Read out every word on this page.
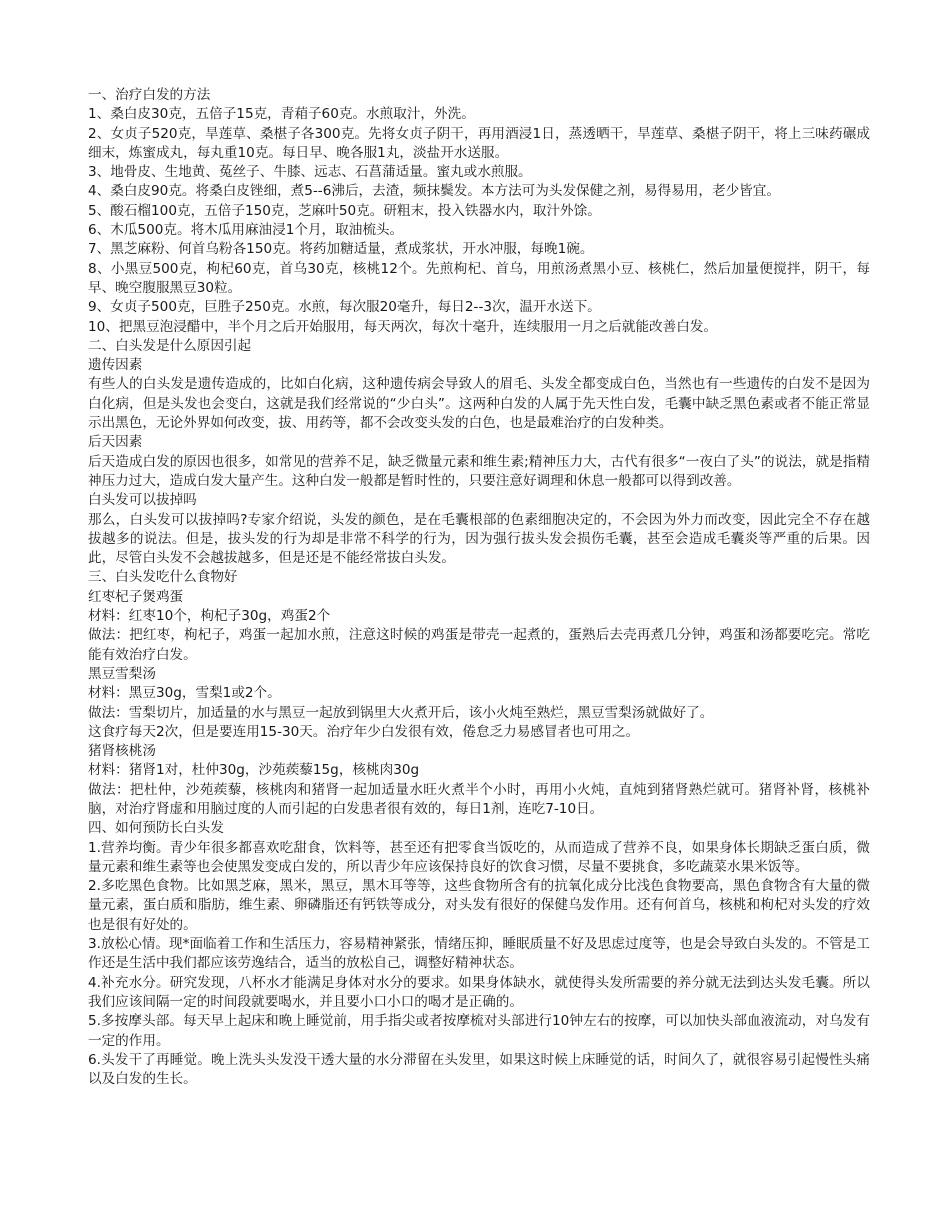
一、治疗白发的方法

1、桑白皮30克，五倍子15克，青葙子60克。水煎取汁，外洗。

2、女贞子520克，旱莲草、桑椹子各300克。先将女贞子阴干，再用酒浸1日，蒸透晒干，旱莲草、桑椹子阴干，将上三味药碾成细末，炼蜜成丸，每丸重10克。每日早、晚各服1丸，淡盐开水送服。

3、地骨皮、生地黄、菟丝子、牛膝、远志、石菖蒲适量。蜜丸或水煎服。

4、桑白皮90克。将桑白皮锉细，煮5--6沸后，去渣，频抹鬓发。本方法可为头发保健之剂，易得易用，老少皆宜。

5、酸石榴100克，五倍子150克，芝麻叶50克。研粗末，投入铁器水内，取汁外馀。

6、木瓜500克。将木瓜用麻油浸1个月，取油梳头。

7、黑芝麻粉、何首乌粉各150克。将药加糖适量，煮成浆状，开水冲服，每晚1碗。

8、小黑豆500克，枸杞60克，首乌30克，核桃12个。先煎枸杞、首乌，用煎汤煮黑小豆、核桃仁，然后加量便搅拌，阴干，每早、晚空腹服黑豆30粒。

9、女贞子500克，巨胜子250克。水煎，每次服20毫升，每日2--3次，温开水送下。

10、把黑豆泡浸醋中，半个月之后开始服用，每天两次，每次十毫升，连续服用一月之后就能改善白发。

二、白头发是什么原因引起

遗传因素

有些人的白头发是遗传造成的，比如白化病，这种遗传病会导致人的眉毛、头发全都变成白色，当然也有一些遗传的白发不是因为白化病，但是头发也会变白，这就是我们经常说的“少白头”。这两种白发的人属于先天性白发，毛囊中缺乏黑色素或者不能正常显示出黑色，无论外界如何改变，拔、用药等，都不会改变头发的白色，也是最难治疗的白发种类。

后天因素

后天造成白发的原因也很多，如常见的营养不足，缺乏微量元素和维生素;精神压力大，古代有很多“一夜白了头”的说法，就是指精神压力过大，造成白发大量产生。这种白发一般都是暂时性的，只要注意好调理和休息一般都可以得到改善。

白头发可以拔掉吗

那么，白头发可以拔掉吗?专家介绍说，头发的颜色，是在毛囊根部的色素细胞决定的，不会因为外力而改变，因此完全不存在越拔越多的说法。但是，拔头发的行为却是非常不科学的行为，因为强行拔头发会损伤毛囊，甚至会造成毛囊炎等严重的后果。因此，尽管白头发不会越拔越多，但是还是不能经常拔白头发。

三、白头发吃什么食物好

红枣杞子煲鸡蛋

材料：红枣10个，枸杞子30g，鸡蛋2个

做法：把红枣，枸杞子，鸡蛋一起加水煎，注意这时候的鸡蛋是带壳一起煮的，蛋熟后去壳再煮几分钟，鸡蛋和汤都要吃完。常吃能有效治疗白发。

黑豆雪梨汤

材料：黑豆30g，雪梨1或2个。

做法：雪梨切片，加适量的水与黑豆一起放到锅里大火煮开后，该小火炖至熟烂，黑豆雪梨汤就做好了。

这食疗每天2次，但是要连用15-30天。治疗年少白发很有效，倦怠乏力易感冒者也可用之。

猪肾核桃汤

材料：猪肾1对，杜仲30g，沙苑蒺藜15g，核桃肉30g

做法：把杜仲，沙苑蒺藜，核桃肉和猪肾一起加适量水旺火煮半个小时，再用小火炖，直炖到猪肾熟烂就可。猪肾补肾，核桃补脑，对治疗肾虚和用脑过度的人而引起的白发患者很有效的，每日1剂，连吃7-10日。

四、如何预防长白头发

1.营养均衡。青少年很多都喜欢吃甜食，饮料等，甚至还有把零食当饭吃的，从而造成了营养不良，如果身体长期缺乏蛋白质，微量元素和维生素等也会使黑发变成白发的，所以青少年应该保持良好的饮食习惯，尽量不要挑食，多吃蔬菜水果米饭等。

2.多吃黑色食物。比如黑芝麻，黑米，黑豆，黑木耳等等，这些食物所含有的抗氧化成分比浅色食物要高，黑色食物含有大量的微量元素，蛋白质和脂肪，维生素、卵磷脂还有钙铁等成分，对头发有很好的保健乌发作用。还有何首乌，核桃和枸杞对头发的疗效也是很有好处的。

3.放松心情。现*面临着工作和生活压力，容易精神紧张，情绪压抑，睡眠质量不好及思虑过度等，也是会导致白头发的。不管是工作还是生活中我们都应该劳逸结合，适当的放松自己，调整好精神状态。

4.补充水分。研究发现，八杯水才能满足身体对水分的要求。如果身体缺水，就使得头发所需要的养分就无法到达头发毛囊。所以我们应该间隔一定的时间段就要喝水，并且要小口小口的喝才是正确的。

5.多按摩头部。每天早上起床和晚上睡觉前，用手指尖或者按摩梳对头部进行10钟左右的按摩，可以加快头部血液流动，对乌发有一定的作用。

6.头发干了再睡觉。晚上洗头头发没干透大量的水分滞留在头发里，如果这时候上床睡觉的话，时间久了，就很容易引起慢性头痛以及白发的生长。
